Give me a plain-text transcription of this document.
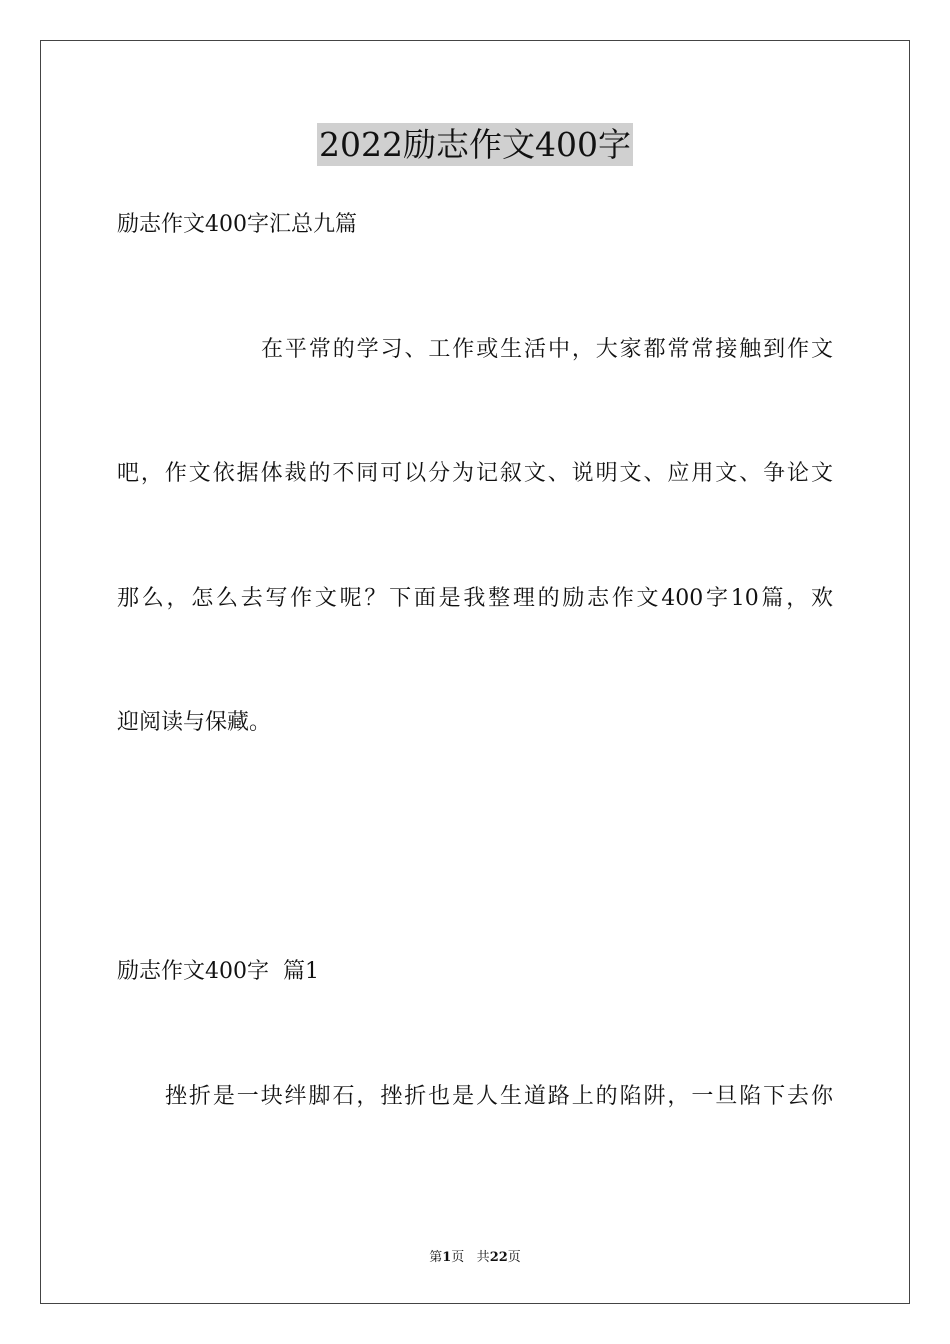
2022励志作文400字
励志作文400字汇总九篇
在平常的学习、工作或生活中，大家都常常接触到作文
吧，作文依据体裁的不同可以分为记叙文、说明文、应用文、争论文
那么，怎么去写作文呢？下面是我整理的励志作文400字10篇，欢
迎阅读与保藏。
励志作文400字  篇1
挫折是一块绊脚石，挫折也是人生道路上的陷阱，一旦陷下去你
第1页 共22页
